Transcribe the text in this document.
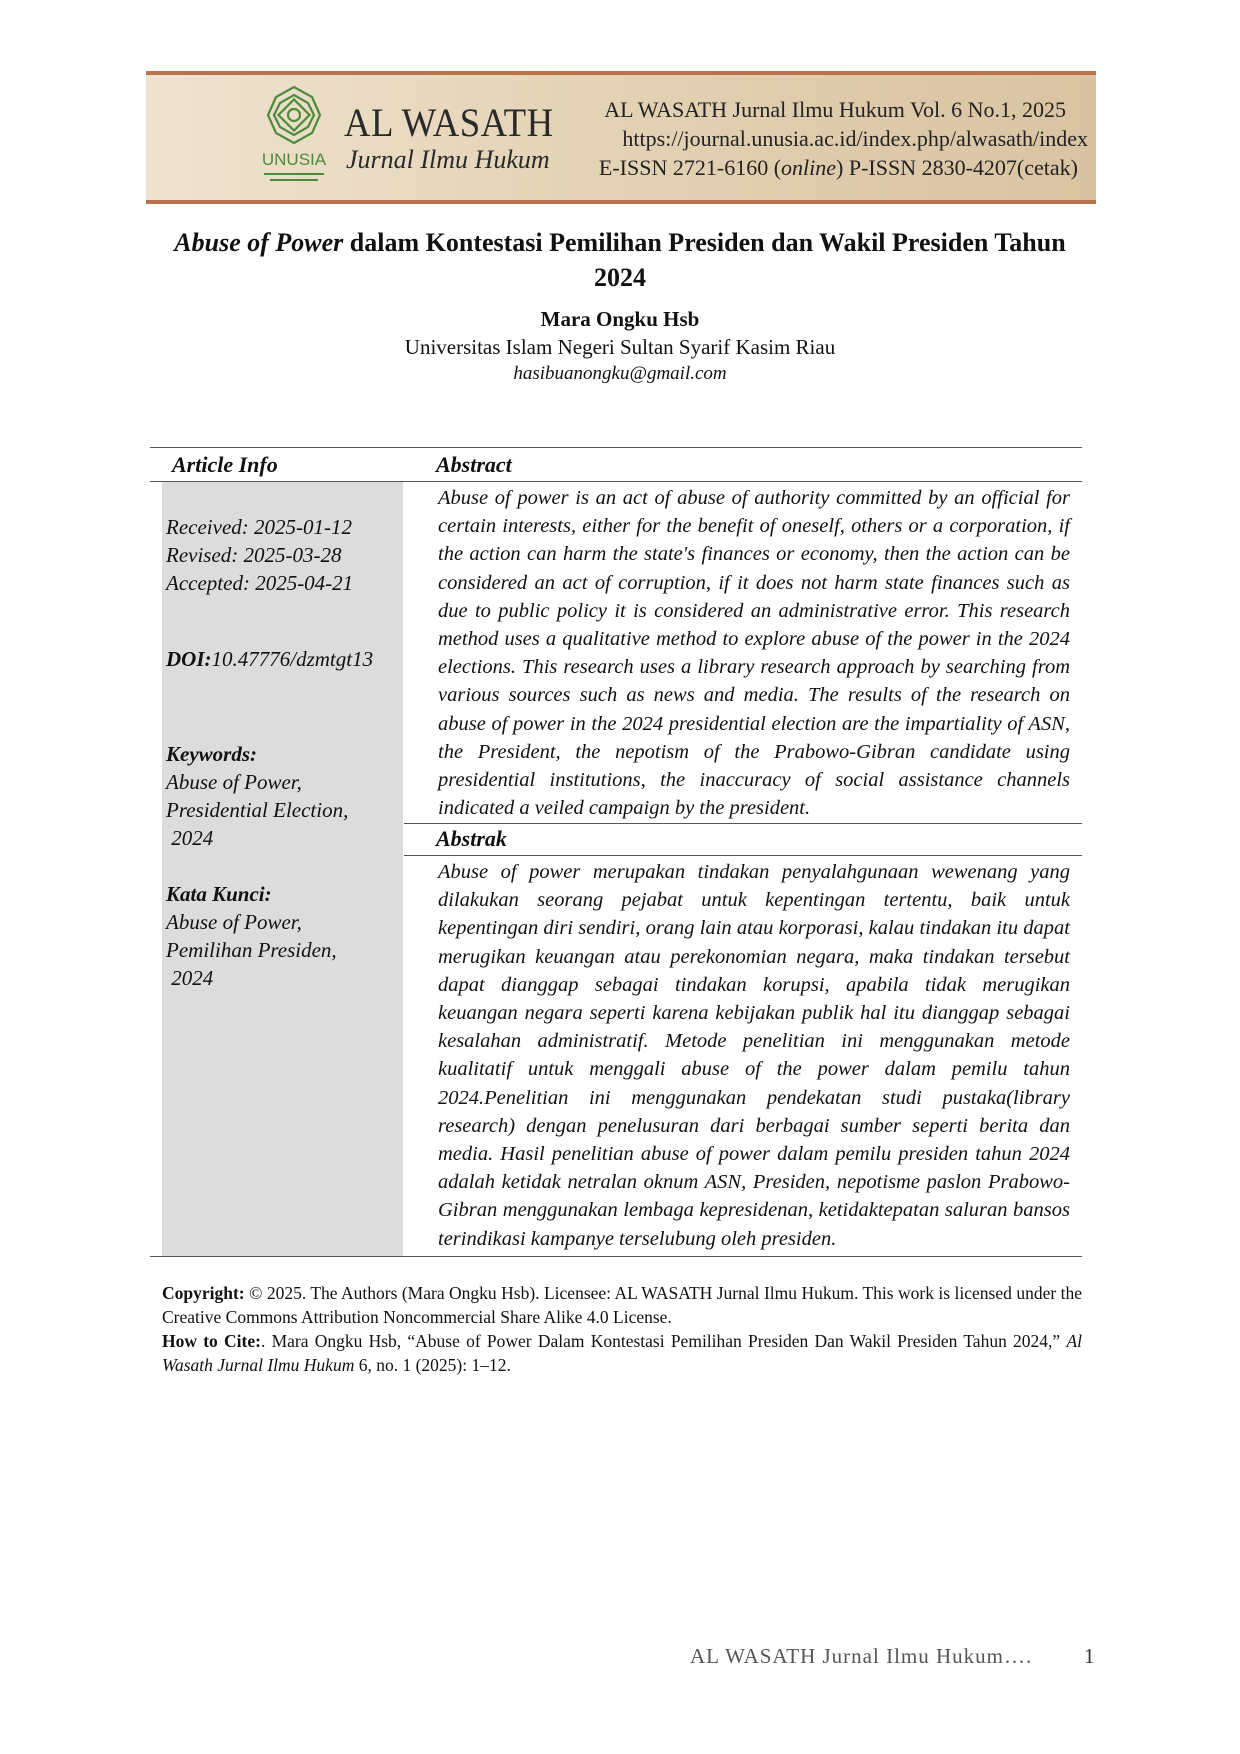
UNUSIA
AL WASATH
Jurnal Ilmu Hukum
AL WASATH Jurnal Ilmu Hukum Vol. 6 No.1, 2025
https://journal.unusia.ac.id/index.php/alwasath/index
E-ISSN 2721-6160 (online) P-ISSN 2830-4207(cetak)
Abuse of Power dalam Kontestasi Pemilihan Presiden dan Wakil Presiden Tahun 2024
Mara Ongku Hsb
Universitas Islam Negeri Sultan Syarif Kasim Riau
hasibuanongku@gmail.com
Article Info	Abstract
Received: 2025-01-12
Revised: 2025-03-28
Accepted: 2025-04-21
DOI:10.47776/dzmtgt13
Keywords:
Abuse of Power,
Presidential Election,
2024
Kata Kunci:
Abuse of Power,
Pemilihan Presiden,
2024

Abuse of power is an act of abuse of authority committed by an official for certain interests, either for the benefit of oneself, others or a corporation, if the action can harm the state's finances or economy, then the action can be considered an act of corruption, if it does not harm state finances such as due to public policy it is considered an administrative error. This research method uses a qualitative method to explore abuse of the power in the 2024 elections. This research uses a library research approach by searching from various sources such as news and media. The results of the research on abuse of power in the 2024 presidential election are the impartiality of ASN, the President, the nepotism of the Prabowo-Gibran candidate using presidential institutions, the inaccuracy of social assistance channels indicated a veiled campaign by the president.

Abstrak

Abuse of power merupakan tindakan penyalahgunaan wewenang yang dilakukan seorang pejabat untuk kepentingan tertentu, baik untuk kepentingan diri sendiri, orang lain atau korporasi, kalau tindakan itu dapat merugikan keuangan atau perekonomian negara, maka tindakan tersebut dapat dianggap sebagai tindakan korupsi, apabila tidak merugikan keuangan negara seperti karena kebijakan publik hal itu dianggap sebagai kesalahan administratif. Metode penelitian ini menggunakan metode kualitatif untuk menggali abuse of the power dalam pemilu tahun 2024.Penelitian ini menggunakan pendekatan studi pustaka(library research) dengan penelusuran dari berbagai sumber seperti berita dan media. Hasil penelitian abuse of power dalam pemilu presiden tahun 2024 adalah ketidak netralan oknum ASN, Presiden, nepotisme paslon Prabowo-Gibran menggunakan lembaga kepresidenan, ketidaktepatan saluran bansos terindikasi kampanye terselubung oleh presiden.

Copyright: © 2025. The Authors (Mara Ongku Hsb). Licensee: AL WASATH Jurnal Ilmu Hukum. This work is licensed under the Creative Commons Attribution Noncommercial Share Alike 4.0 License.

How to Cite:. Mara Ongku Hsb, “Abuse of Power Dalam Kontestasi Pemilihan Presiden Dan Wakil Presiden Tahun 2024,” Al Wasath Jurnal Ilmu Hukum 6, no. 1 (2025): 1–12.

AL WASATH Jurnal Ilmu Hukum…. 1
